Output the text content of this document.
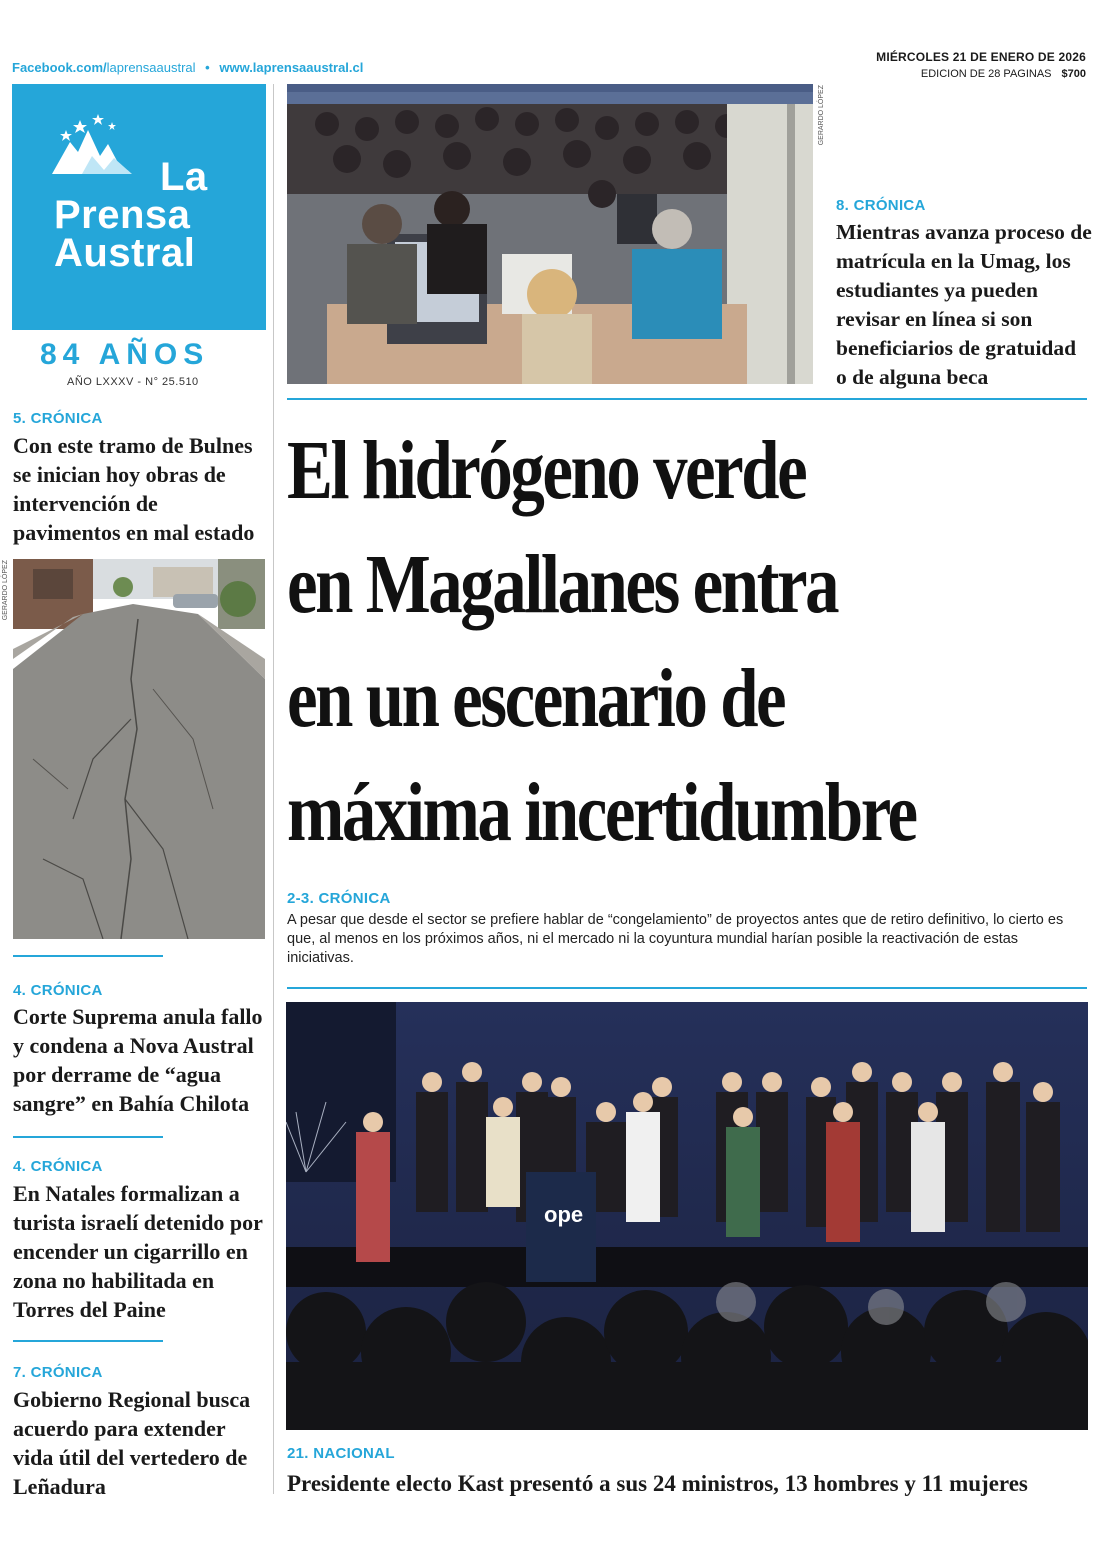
Facebook.com/laprensaaustral • www.laprensaaustral.cl
MIÉRCOLES 21 DE ENERO DE 2026
EDICION DE 28 PAGINAS $700
La
Prensa
Austral
84 AÑOS
AÑO LXXXV - N° 25.510
5. CRÓNICA
Con este tramo de Bulnes se inician hoy obras de intervención de pavimentos en mal estado
GERARDO LÓPEZ
4. CRÓNICA
Corte Suprema anula fallo y condena a Nova Austral por derrame de “agua sangre” en Bahía Chilota
4. CRÓNICA
En Natales formalizan a turista israelí detenido por encender un cigarrillo en zona no habilitada en Torres del Paine
7. CRÓNICA
Gobierno Regional busca acuerdo para extender vida útil del vertedero de Leñadura
GERARDO LÓPEZ
8. CRÓNICA
Mientras avanza proceso de matrícula en la Umag, los estudiantes ya pueden revisar en línea si son beneficiarios de gratuidad o de alguna beca
El hidrógeno verde
en Magallanes entra
en un escenario de
máxima incertidumbre
2-3. CRÓNICA
A pesar que desde el sector se prefiere hablar de “congelamiento” de proyectos antes que de retiro definitivo, lo cierto es que, al menos en los próximos años, ni el mercado ni la coyuntura mundial harían posible la reactivación de estas iniciativas.
ope
21. NACIONAL
Presidente electo Kast presentó a sus 24 ministros, 13 hombres y 11 mujeres
